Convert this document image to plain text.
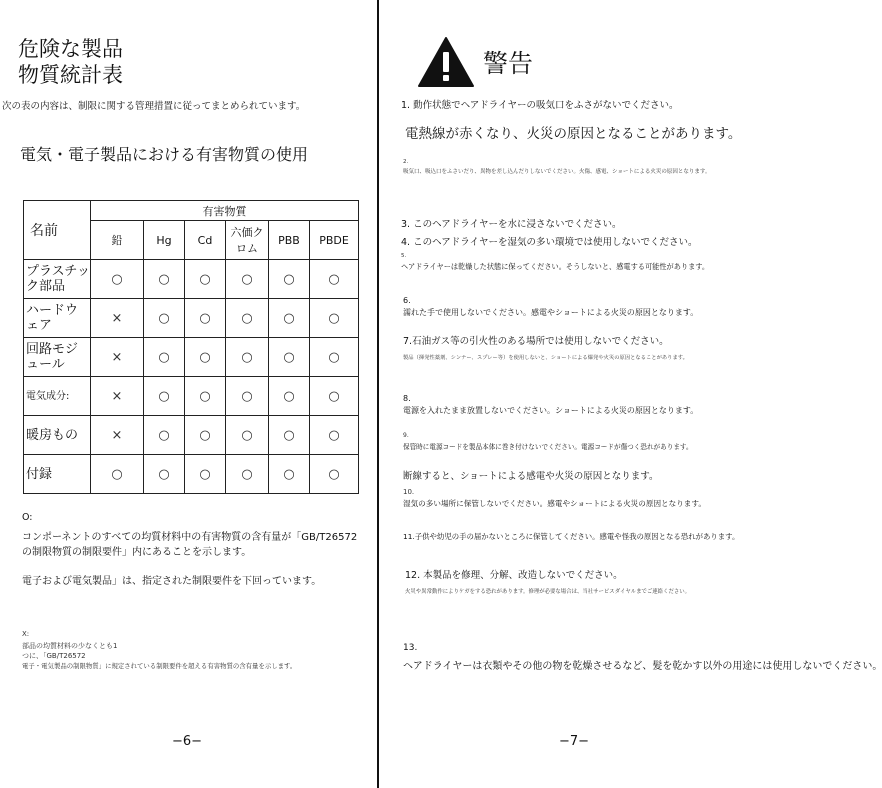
危険な製品
物質統計表
次の表の内容は、制限に関する管理措置に従ってまとめられています。
電気・電子製品における有害物質の使用
名前	有害物質					
	鉛	Hg	Cd	六価クロム	PBB	PBDE
プラスチック部品	○	○	○	○	○	○
ハードウェア	×	○	○	○	○	○
回路モジュール	×	○	○	○	○	○
電気成分:	×	○	○	○	○	○
暖房もの	×	○	○	○	○	○
付録	○	○	○	○	○	○
O:
コンポーネントのすべての均質材料中の有害物質の含有量が「GB/T26572
の制限物質の制限要件」内にあることを示します。
電子および電気製品」は、指定された制限要件を下回っています。
X:
部品の均質材料の少なくとも1
つに、「GB/T26572
電子・電気製品の制限物質」に規定されている制限要件を超える有害物質の含有量を示します。
−6−
警告
1. 動作状態でヘアドライヤーの吸気口をふさがないでください。
電熱線が赤くなり、火災の原因となることがあります。
2.
吸気口、吸込口をふさいだり、異物を差し込んだりしないでください。火傷、感電、ショートによる火災の原因となります。
3. このヘアドライヤーを水に浸さないでください。
4. このヘアドライヤーを湿気の多い環境では使用しないでください。
5.
ヘアドライヤーは乾燥した状態に保ってください。そうしないと、感電する可能性があります。
6.
濡れた手で使用しないでください。感電やショートによる火災の原因となります。
7.石油ガス等の引火性のある場所では使用しないでください。
製品（揮発性薬剤、シンナー、スプレー等）を使用しないと、ショートによる爆発や火災の原因となることがあります。
8.
電源を入れたまま放置しないでください。ショートによる火災の原因となります。
9.
保管時に電源コードを製品本体に巻き付けないでください。電源コードが傷つく恐れがあります。
断線すると、ショートによる感電や火災の原因となります。
10.
湿気の多い場所に保管しないでください。感電やショートによる火災の原因となります。
11.子供や幼児の手の届かないところに保管してください。感電や怪我の原因となる恐れがあります。
12. 本製品を修理、分解、改造しないでください。
火災や異常動作によりケガをする恐れがあります。修理が必要な場合は、当社サービスダイヤルまでご連絡ください。
13.
ヘアドライヤーは衣類やその他の物を乾燥させるなど、髪を乾かす以外の用途には使用しないでください。
−7−
